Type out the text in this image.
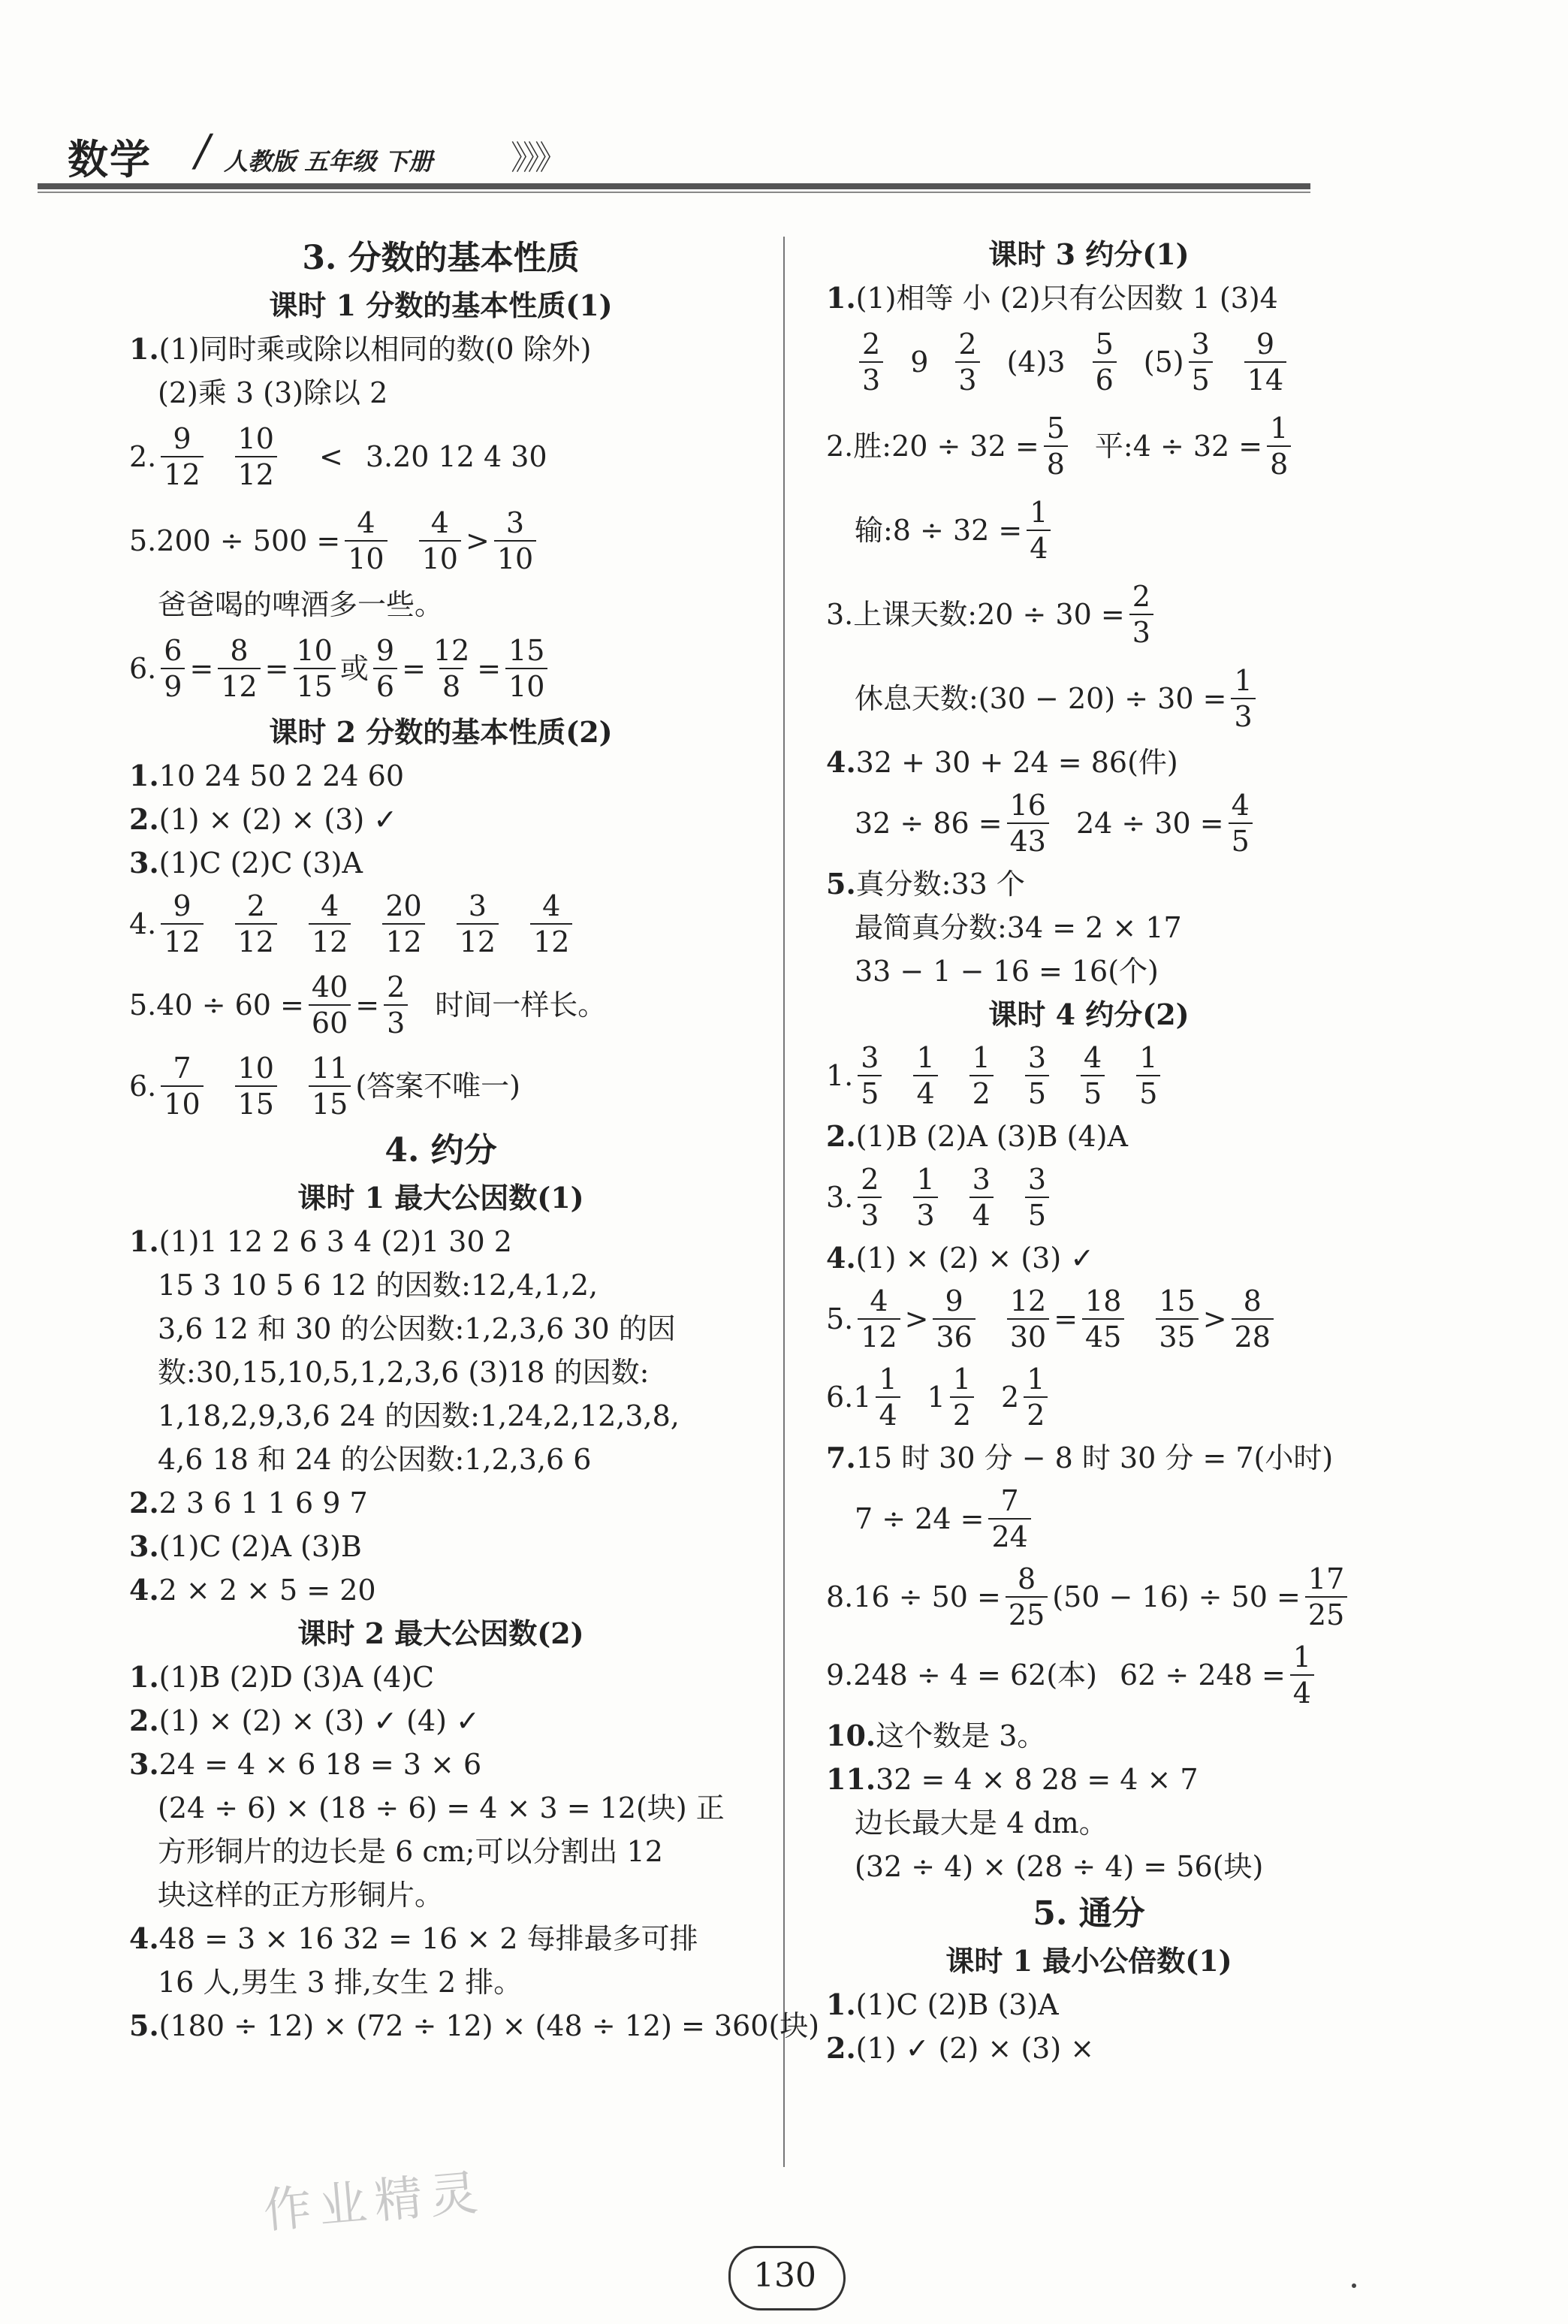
数学 / 人教版 五年级 下册 》》》
3. 分数的基本性质
课时 1 分数的基本性质(1)
1.(1)同时乘或除以相同的数(0 除外)
(2)乘 3 (3)除以 2
2. $\frac{9}{12} \frac{10}{12} < 3$. 20 12 4 30
5. $200 \div 500 = \frac{4}{10} \frac{4}{10} > \frac{3}{10}$
爸爸喝的啤酒多一些。
6. $\frac{6}{9} = \frac{8}{12} = \frac{10}{15}$ 或 $\frac{9}{6} = \frac{12}{8} = \frac{15}{10}$
课时 2 分数的基本性质(2)
1.10 24 50 2 24 60
2.(1) × (2) × (3) ✓
3.(1)C (2)C (3)A
4. $\frac{9}{12} \frac{2}{12} \frac{4}{12} \frac{20}{12} \frac{3}{12} \frac{4}{12}$
5. $40 \div 60 = \frac{40}{60} = \frac{2}{3}$ 时间一样长。
6. $\frac{7}{10} \frac{10}{15} \frac{11}{15}$ (答案不唯一)
4. 约分
课时 1 最大公因数(1)
1.(1)1 12 2 6 3 4 (2)1 30 2
15 3 10 5 6 12 的因数:12,4,1,2,
3,6 12 和 30 的公因数:1,2,3,6 30 的因
数:30,15,10,5,1,2,3,6 (3)18 的因数:
1,18,2,9,3,6 24 的因数:1,24,2,12,3,8,
4,6 18 和 24 的公因数:1,2,3,6 6
2.2 3 6 1 1 6 9 7
3.(1)C (2)A (3)B
4.2 × 2 × 5 = 20
课时 2 最大公因数(2)
1.(1)B (2)D (3)A (4)C
2.(1) × (2) × (3) ✓ (4) ✓
3.24 = 4 × 6 18 = 3 × 6
(24 ÷ 6) × (18 ÷ 6) = 4 × 3 = 12(块) 正
方形铜片的边长是 6 cm;可以分割出 12
块这样的正方形铜片。
4.48 = 3 × 16 32 = 16 × 2 每排最多可排
16 人,男生 3 排,女生 2 排。
5.(180 ÷ 12) × (72 ÷ 12) × (48 ÷ 12) = 360(块)
课时 3 约分(1)
1.(1)相等 小 (2)只有公因数 1 (3)4
$\frac{2}{3} 9 \frac{2}{3} (4)3 \frac{5}{6} (5) \frac{3}{5} \frac{9}{14}$
2. 胜:20 ÷ $32 = \frac{5}{8}$ 平:4 ÷ $32 = \frac{1}{8}$
输:8 ÷ $32 = \frac{1}{4}$
3. 上课天数:20 ÷ $30 = \frac{2}{3}$
休息天数:(30 − $20) \div 30 = \frac{1}{3}$
4.32 + 30 + 24 = 86(件)
$32 \div 86 = \frac{16}{43} 24 \div 30 = \frac{4}{5}$
5.真分数:33 个
最简真分数:34 = 2 × 17
33 − 1 − 16 = 16(个)
课时 4 约分(2)
1. $\frac{3}{5} \frac{1}{4} \frac{1}{2} \frac{3}{5} \frac{4}{5} \frac{1}{5}$
2.(1)B (2)A (3)B (4)A
3. $\frac{2}{3} \frac{1}{3} \frac{3}{4} \frac{3}{5}$
4.(1) × (2) × (3) ✓
5. $\frac{4}{12} > \frac{9}{36} \frac{12}{30} = \frac{18}{45} \frac{15}{35} > \frac{8}{28}$
6. $1 \frac{1}{4} 1 \frac{1}{2} 2 \frac{1}{2}$
7.15 时 30 分 − 8 时 30 分 = 7(小时)
$7 \div 24 = \frac{7}{24}$
8. $16 \div 50 = \frac{8}{25} (50 - 16) \div 50 = \frac{17}{25}$
9. 248 ÷ 4 = 62(本) $62 \div 248 = \frac{1}{4}$
10.这个数是 3。
11.32 = 4 × 8 28 = 4 × 7
边长最大是 4 dm。
(32 ÷ 4) × (28 ÷ 4) = 56(块)
5. 通分
课时 1 最小公倍数(1)
1.(1)C (2)B (3)A
2.(1) ✓ (2) × (3) ×
130
作业精灵
